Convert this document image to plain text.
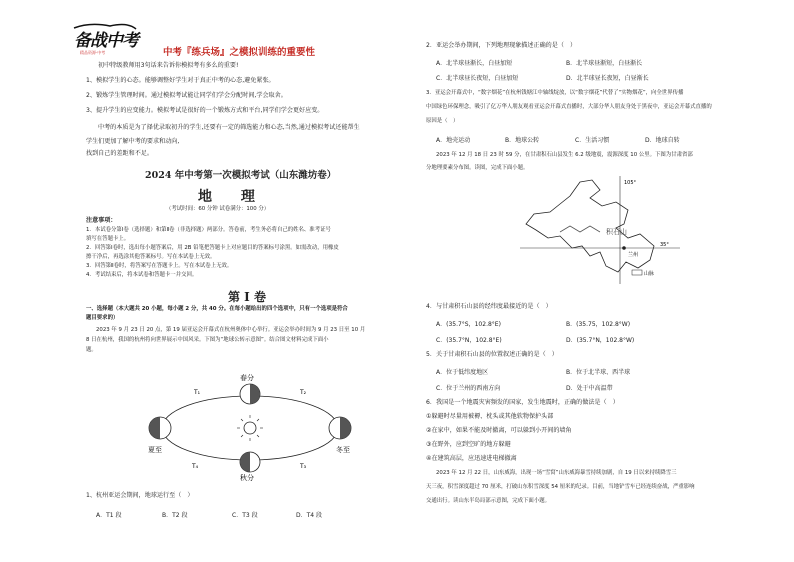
备战中考
精品资源·中考	中考『练兵场』之模拟训练的重要性
初中特级教师用3句话来告诉你模拟考有多么的重要!
1、模拟学生的心态。能够调整好学生对于真正中考的心态,避免紧张。
2、锻炼学生管理时间。通过模拟考试能让同学们学会分配时间,学会取舍。
3、提升学生的应变能力。模拟考试是很好的一个锻炼方式和平台,同学们学会更好应变。
中考的本质是为了择优录取初升的学生,还要有一定的筛选能力和心态,当然,通过模拟考试还能帮生
学生们更加了解中考的要求和动向,
找到自己的差距和不足。
2024 年中考第一次模拟考试（山东潍坊卷）
地 理
（考试时间：60 分钟 试卷满分：100 分）
注意事项：
1．本试卷分第Ⅰ卷（选择题）和第Ⅱ卷（非选择题）两部分。答卷前，考生务必将自己的姓名、准考证号
填写在答题卡上。
2．回答第Ⅰ卷时，选出每小题答案后，用 2B 铅笔把答题卡上对应题目的答案标号涂黑。如需改动，用橡皮
擦干净后，再选涂其他答案标号。写在本试卷上无效。
3．回答第Ⅱ卷时，将答案写在答题卡上。写在本试卷上无效。
4．考试结束后，将本试卷和答题卡一并交回。
第 Ⅰ 卷
一、选择题（本大题共 20 小题，每小题 2 分，共 40 分。在每小题给出的四个选项中，只有一个选项是符合
题目要求的）
2023 年 9 月 23 日 20 点，第 19 届亚运会开幕式在杭州奥体中心举行。亚运会举办时间为 9 月 23 日至 10 月
8 日在杭州，我国的杭州将向世界展示中国风采。下图为“地球公转示意图”。结合图文材料完成下面小
题。
春分
夏至	冬至
秋分
T₁	T₂
T₃
T₄
1、杭州亚运会期间，地球运行至（　）
A．T1 段	B．T2 段	C．T3 段	D．T4 段
2．亚运会举办期间，下列地理现象描述正确的是（　）
A．北半球昼渐长，白昼加短	B．北半球昼渐短，白昼渐长
C．北半球昼长夜短，白昼加短	D．北半球昼长夜短，白昼渐长
3．亚运会开幕式中，“数字烟花”在杭州钱塘江中轴线绽放，以“数字烟花”代替了“实物烟花”，向全世界传播
中国绿色环保理念，吸引了亿万华人朋友观看亚运会开幕式直播时，大部分华人朋友身处于黑夜中，亚运会开幕式直播的
原因是（　）
A．地壳运动	B．地球公转	C．生活习惯	D．地球自转
2023 年 12 月 18 日 23 时 59 分，在甘肃积石山县发生 6.2 级地震，震源深度 10 公里。下图为甘肃省部
分地理要素分布图。读图，完成下面小题。
105°
35°
积石山
兰州
山脉
4．与甘肃积石山县的经纬度最接近的是（　）
A．(35.7°S，102.8°E)	B．(35.75，102.8°W)
C．(35.7°N，102.8°E)	D．(35.7°N，102.8°W)
5．关于甘肃积石山县的位置叙述正确的是（　）
A．位于低纬度地区	B．位于北半球、西半球
C．位于兰州的西南方向	D．处于中高温带
6．我国是一个地震灾害频发的国家，发生地震时，正确的做法是（　）
①躲避时尽量用被褥、枕头或其他软物保护头部
②在家中，如果不能及时撤离，可以躲到小开间的墙角
③在野外，应到空旷的地方躲避
④在建筑高层，应迅速进电梯撤离
2023 年 12 月 22 日，山东威海，出现一场“雪窝”山东威海暴雪持续加剧，自 19 日以来持续降雪三
天三夜，积雪深度超过 70 厘米，打破山东积雪深度 54 厘米的纪录。目前，当地铲雪车已经连续奋战，严重影响
交通出行。读山东半岛局部示意图，完成下面小题。
